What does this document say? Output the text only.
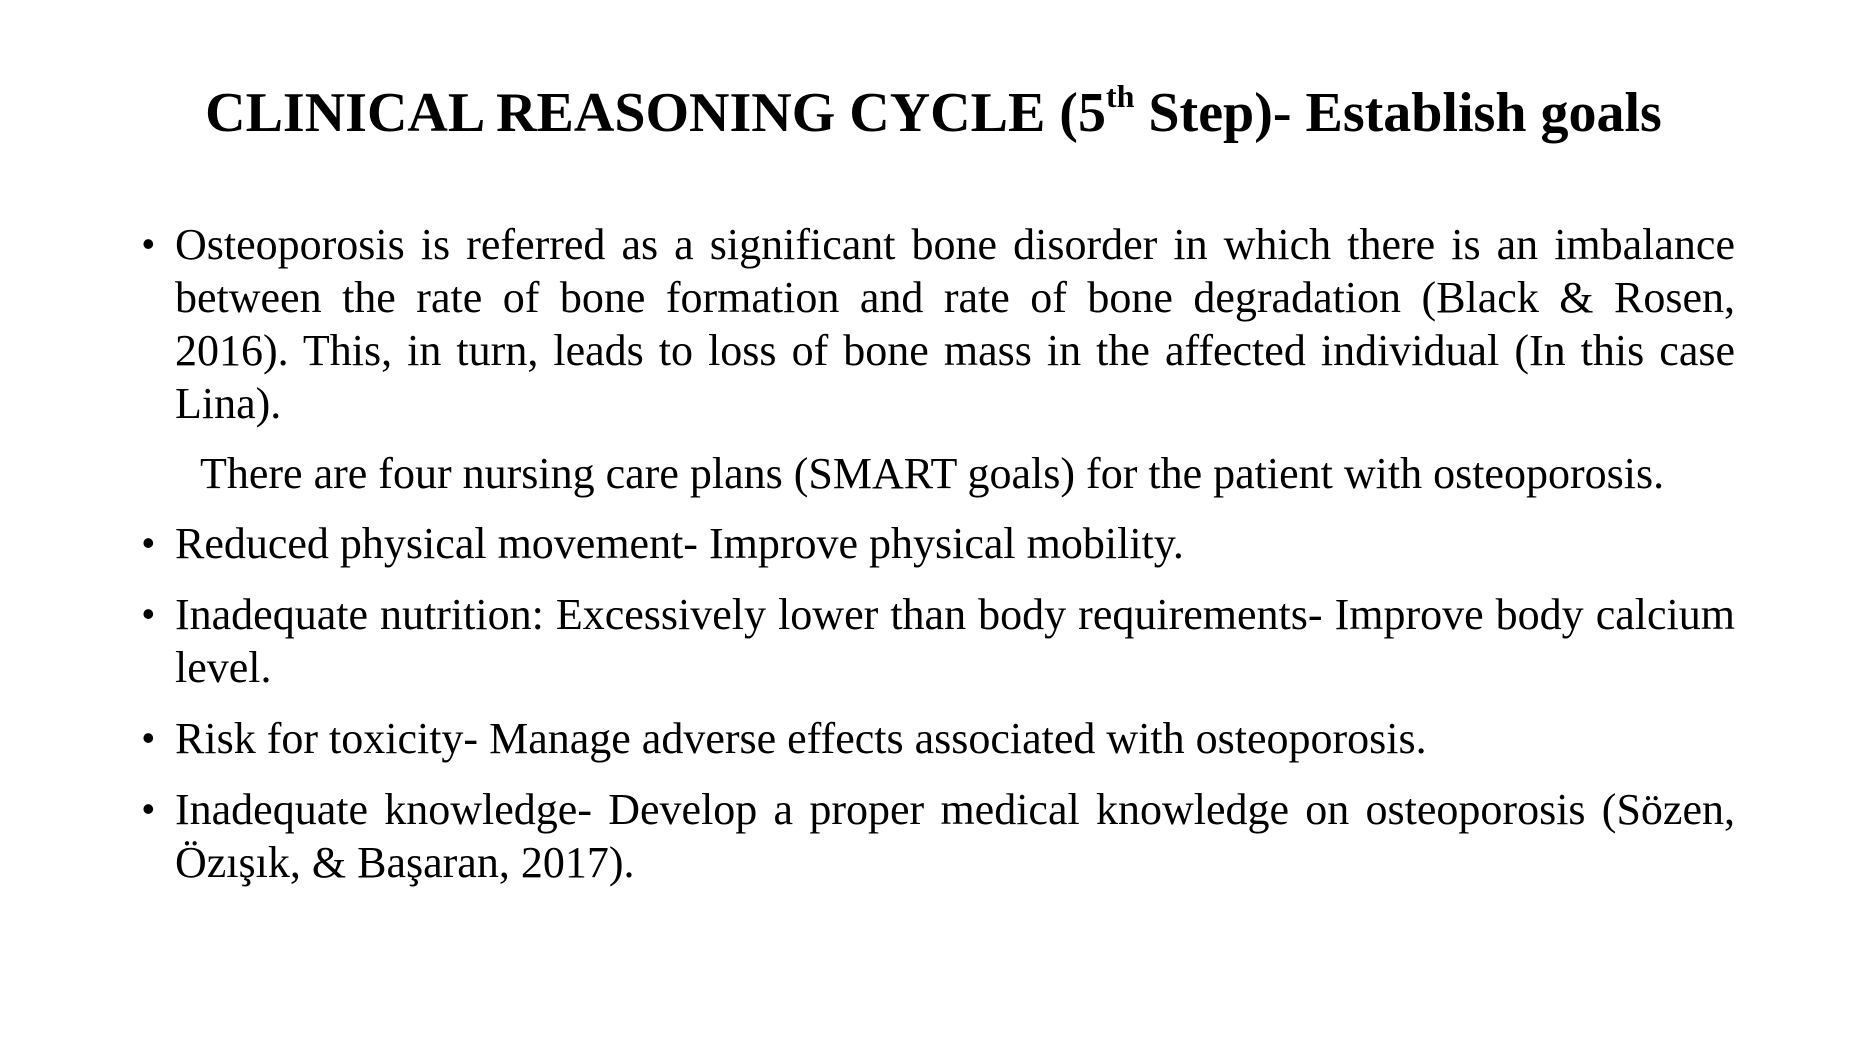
CLINICAL REASONING CYCLE (5th Step)- Establish goals
• Osteoporosis is referred as a significant bone disorder in which there is an imbalance between the rate of bone formation and rate of bone degradation (Black & Rosen, 2016). This, in turn, leads to loss of bone mass in the affected individual (In this case Lina).
There are four nursing care plans (SMART goals) for the patient with osteoporosis.
• Reduced physical movement- Improve physical mobility.
• Inadequate nutrition: Excessively lower than body requirements- Improve body calcium level.
• Risk for toxicity- Manage adverse effects associated with osteoporosis.
• Inadequate knowledge- Develop a proper medical knowledge on osteoporosis (Sözen, Özışık, & Başaran, 2017).
